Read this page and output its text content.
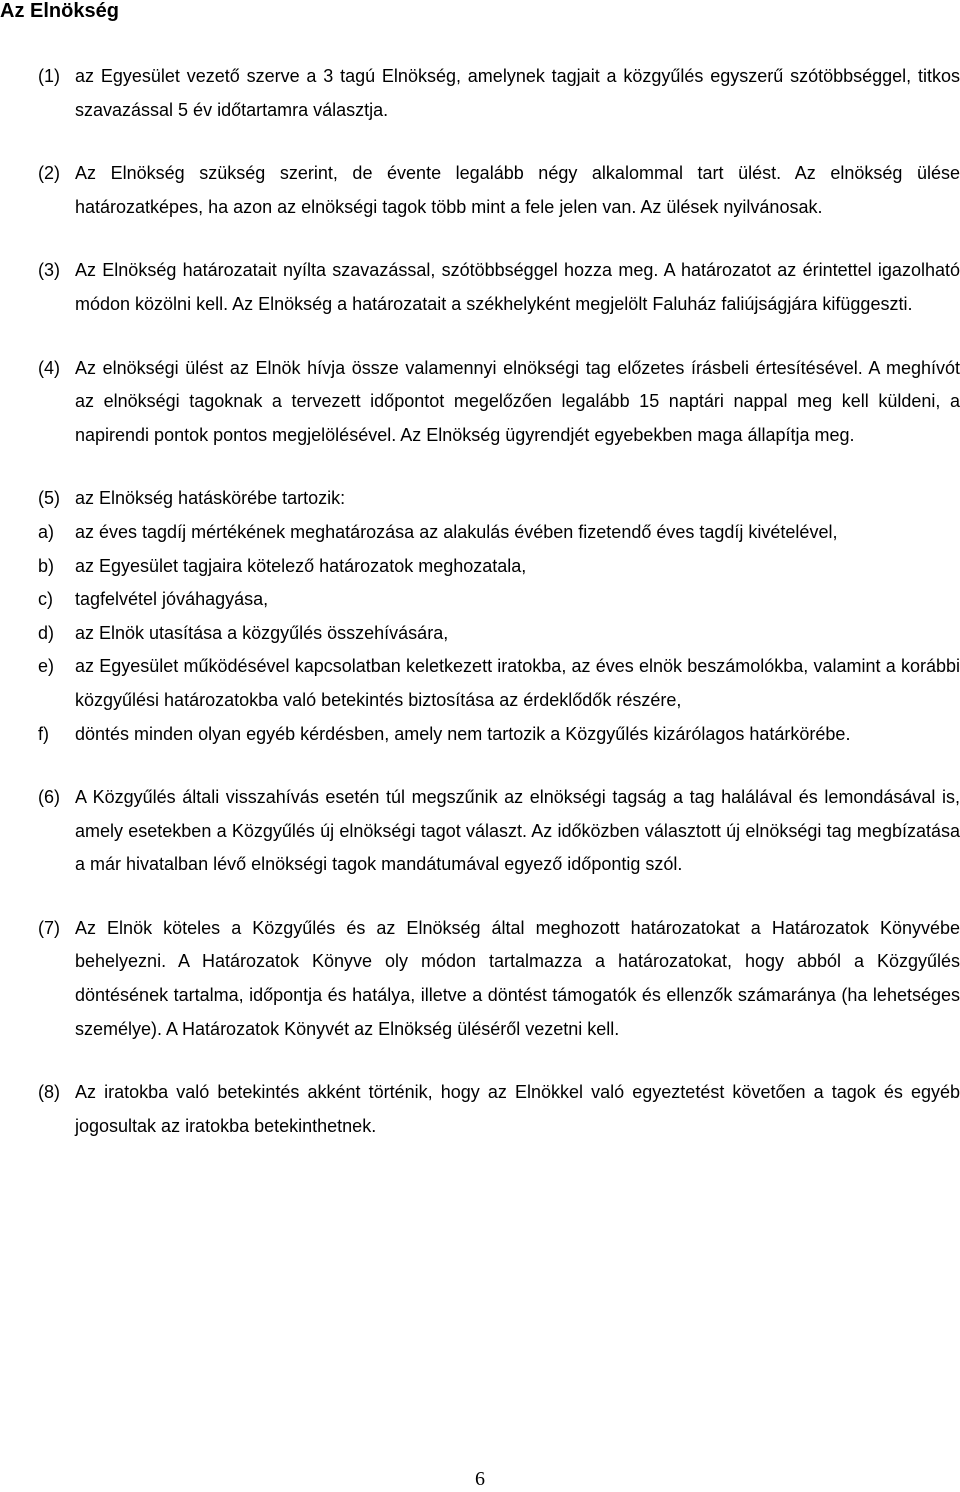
Az Elnökség
(1) az Egyesület vezető szerve a 3 tagú Elnökség, amelynek tagjait a közgyűlés egyszerű szótöbbséggel, titkos szavazással 5 év időtartamra választja.
(2) Az Elnökség szükség szerint, de évente legalább négy alkalommal tart ülést. Az elnökség ülése határozatképes, ha azon az elnökségi tagok több mint a fele jelen van. Az ülések nyilvánosak.
(3) Az Elnökség határozatait nyílta szavazással, szótöbbséggel hozza meg. A határozatot az érintettel igazolható módon közölni kell. Az Elnökség a határozatait a székhelyként megjelölt Faluház faliújságjára kifüggeszti.
(4) Az elnökségi ülést az Elnök hívja össze valamennyi elnökségi tag előzetes írásbeli értesítésével. A meghívót az elnökségi tagoknak a tervezett időpontot megelőzően legalább 15 naptári nappal meg kell küldeni, a napirendi pontok pontos megjelölésével. Az Elnökség ügyrendjét egyebekben maga állapítja meg.
(5) az Elnökség hatáskörébe tartozik:
a)	az éves tagdíj mértékének meghatározása az alakulás évében fizetendő éves tagdíj kivételével,
b)	az Egyesület tagjaira kötelező határozatok meghozatala,
c)	tagfelvétel jóváhagyása,
d)	az Elnök utasítása a közgyűlés összehívására,
e)	az Egyesület működésével kapcsolatban keletkezett iratokba, az éves elnök beszámolókba, valamint a korábbi közgyűlési határozatokba való betekintés biztosítása az érdeklődők részére,
f)	döntés minden olyan egyéb kérdésben, amely nem tartozik a Közgyűlés kizárólagos határkörébe.
(6) A Közgyűlés általi visszahívás esetén túl megszűnik az elnökségi tagság a tag halálával és lemondásával is, amely esetekben a Közgyűlés új elnökségi tagot választ. Az időközben választott új elnökségi tag megbízatása a már hivatalban lévő elnökségi tagok mandátumával egyező időpontig szól.
(7) Az Elnök köteles a Közgyűlés és az Elnökség által meghozott határozatokat a Határozatok Könyvébe behelyezni. A Határozatok Könyve oly módon tartalmazza a határozatokat, hogy abból a Közgyűlés döntésének tartalma, időpontja és hatálya, illetve a döntést támogatók és ellenzők számaránya (ha lehetséges személye). A Határozatok Könyvét az Elnökség üléséről vezetni kell.
(8) Az iratokba való betekintés akként történik, hogy az Elnökkel való egyeztetést követően a tagok és egyéb jogosultak az iratokba betekinthetnek.
6
